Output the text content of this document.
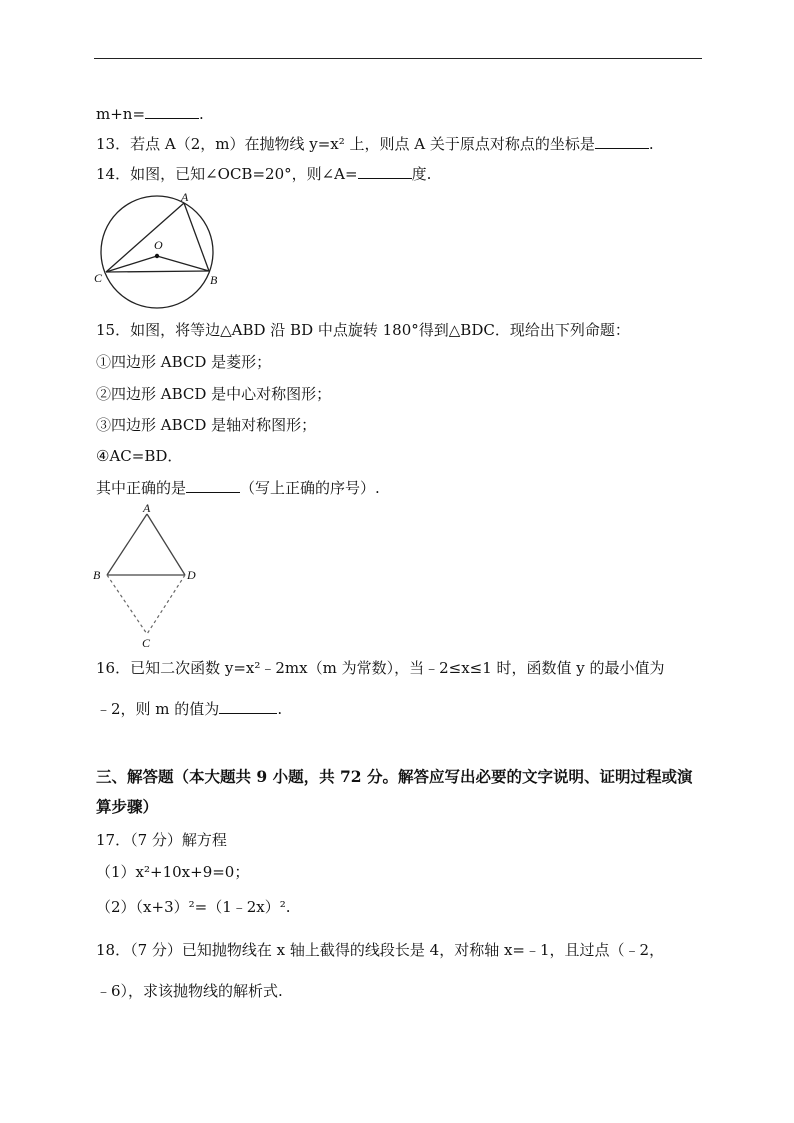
m+n=	.
13．若点 A（2，m）在抛物线 y=x² 上，则点 A 关于原点对称点的坐标是	.
14．如图，已知∠OCB=20°，则∠A=	度.
A
O
C	B
15．如图，将等边△ABD 沿 BD 中点旋转 180°得到△BDC．现给出下列命题：
①四边形 ABCD 是菱形；
②四边形 ABCD 是中心对称图形；
③四边形 ABCD 是轴对称图形；
④AC=BD．
其中正确的是	（写上正确的序号）.
A
B	D
C
16．已知二次函数 y=x²﹣2mx（m 为常数），当﹣2≤x≤1 时，函数值 y 的最小值为
﹣2，则 m 的值为	.
三、解答题（本大题共 9 小题，共 72 分。解答应写出必要的文字说明、证明过程或演
算步骤）
17．（7 分）解方程
（1）x²+10x+9=0；
（2）（x+3）²=（1﹣2x）².
18．（7 分）已知抛物线在 x 轴上截得的线段长是 4，对称轴 x=﹣1，且过点（﹣2，
﹣6），求该抛物线的解析式.
